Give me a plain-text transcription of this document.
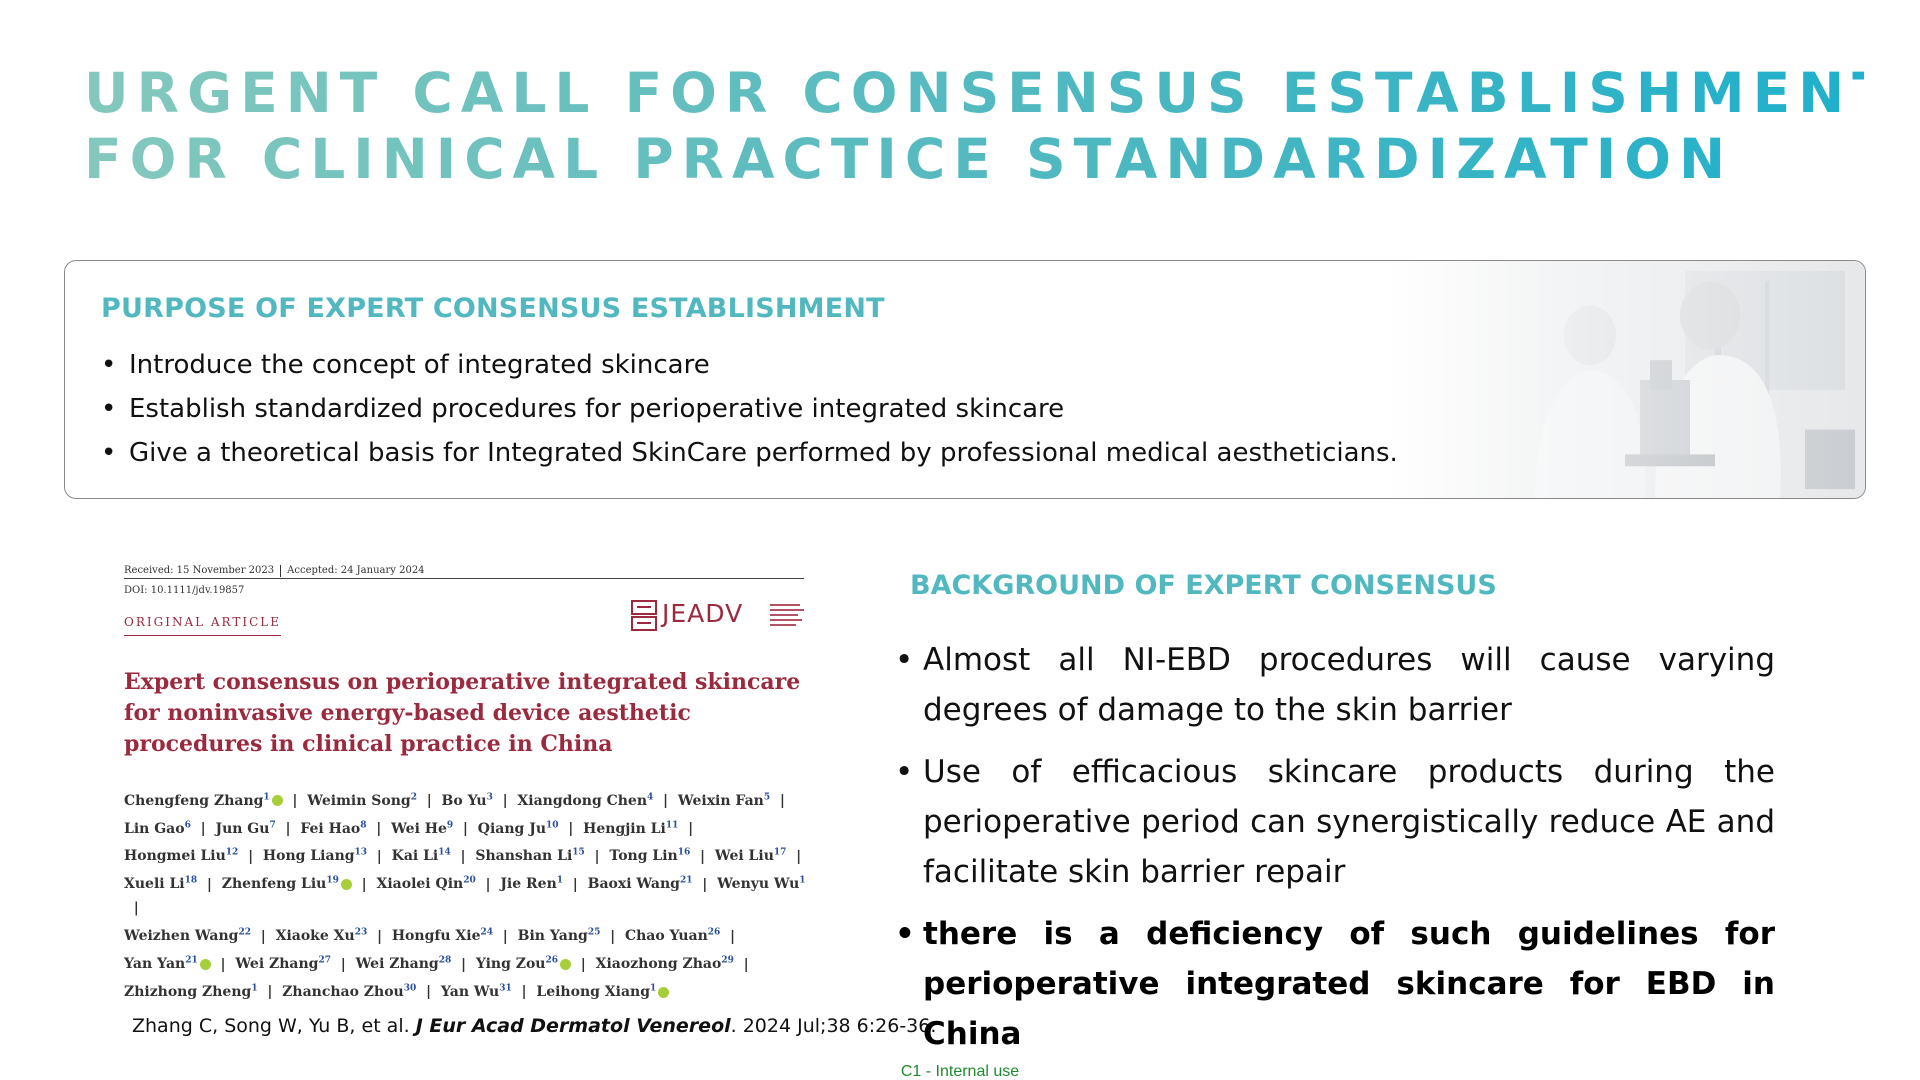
URGENT CALL FOR CONSENSUS ESTABLISHMENT
FOR CLINICAL PRACTICE STANDARDIZATION
PURPOSE OF EXPERT CONSENSUS ESTABLISHMENT
• Introduce the concept of integrated skincare
• Establish standardized procedures for perioperative integrated skincare
• Give a theoretical basis for Integrated SkinCare performed by professional medical aestheticians.
Received: 15 November 2023 Accepted: 24 January 2024
DOI: 10.1111/jdv.19857
ORIGINAL ARTICLE	JEADV
Expert consensus on perioperative integrated skincare for noninvasive energy-based device aesthetic procedures in clinical practice in China
Chengfeng Zhang$^1$  |  Weimin Song$^2$  |  Bo Yu$^3$  |  Xiangdong Chen$^4$  |  Weixin Fan$^5$  |
Lin Gao$^6$  |  Jun Gu$^7$  |  Fei Hao$^8$  |  Wei He$^9$  |  Qiang Ju$^{10}$  |  Hengjin Li$^{11}$  |
Hongmei Liu$^{12}$  |  Hong Liang$^{13}$  |  Kai Li$^{14}$  |  Shanshan Li$^{15}$  |  Tong Lin$^{16}$  |  Wei Liu$^{17}$  |
Xueli Li$^{18}$  |  Zhenfeng Liu$^{19}$  |  Xiaolei Qin$^{20}$  |  Jie Ren$^1$  |  Baoxi Wang$^{21}$  |  Wenyu Wu$^1$  |
Weizhen Wang$^{22}$  |  Xiaoke Xu$^{23}$  |  Hongfu Xie$^{24}$  |  Bin Yang$^{25}$  |  Chao Yuan$^{26}$  |
Yan Yan$^{21}$  |  Wei Zhang$^{27}$  |  Wei Zhang$^{28}$  |  Ying Zou$^{26}$  |  Xiaozhong Zhao$^{29}$  |
Zhizhong Zheng$^1$  |  Zhanchao Zhou$^{30}$  |  Yan Wu$^{31}$  |  Leihong Xiang$^1$

Zhang C, Song W, Yu B, et al. J Eur Acad Dermatol Venereol. 2024 Jul;38 6:26-36.

BACKGROUND OF EXPERT CONSENSUS
• Almost all NI-EBD procedures will cause varying degrees of damage to the skin barrier
• Use of efficacious skincare products during the perioperative period can synergistically reduce AE and facilitate skin barrier repair
• there is a deficiency of such guidelines for perioperative integrated skincare for EBD in China
C1 - Internal use
